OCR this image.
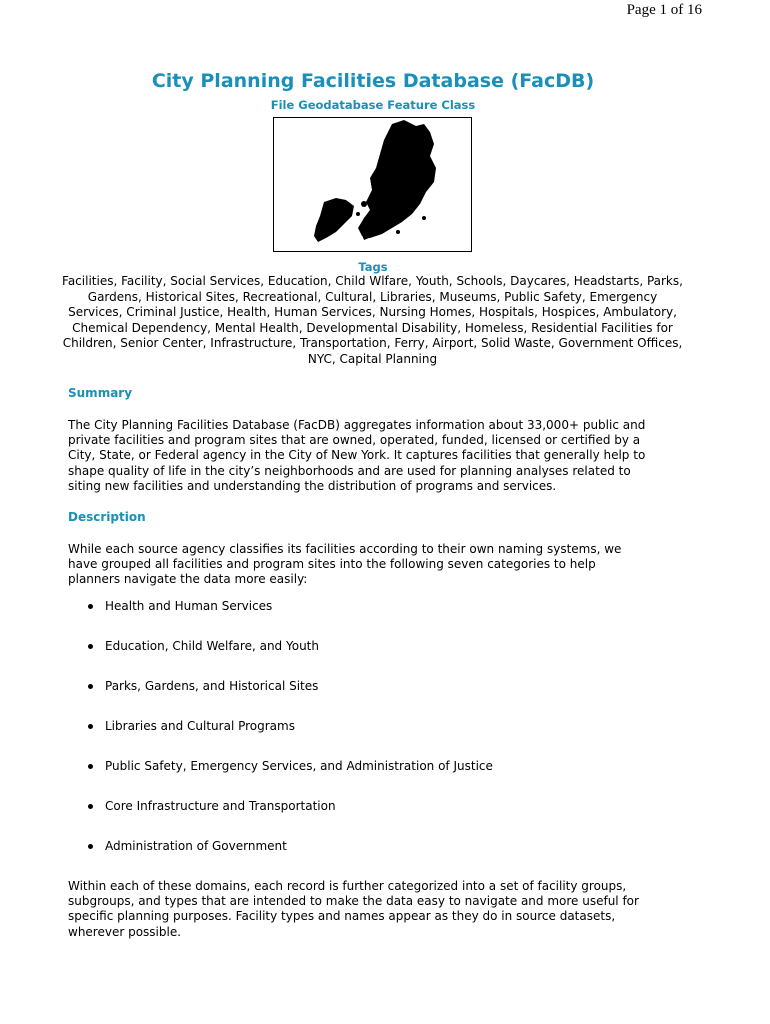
Page 1 of 16
City Planning Facilities Database (FacDB)
File Geodatabase Feature Class
Tags
Facilities, Facility, Social Services, Education, Child Wlfare, Youth, Schools, Daycares, Headstarts, Parks, Gardens, Historical Sites, Recreational, Cultural, Libraries, Museums, Public Safety, Emergency Services, Criminal Justice, Health, Human Services, Nursing Homes, Hospitals, Hospices, Ambulatory, Chemical Dependency, Mental Health, Developmental Disability, Homeless, Residential Facilities for Children, Senior Center, Infrastructure, Transportation, Ferry, Airport, Solid Waste, Government Offices, NYC, Capital Planning
Summary
The City Planning Facilities Database (FacDB) aggregates information about 33,000+ public and private facilities and program sites that are owned, operated, funded, licensed or certified by a City, State, or Federal agency in the City of New York. It captures facilities that generally help to shape quality of life in the city’s neighborhoods and are used for planning analyses related to siting new facilities and understanding the distribution of programs and services.
Description
While each source agency classifies its facilities according to their own naming systems, we have grouped all facilities and program sites into the following seven categories to help planners navigate the data more easily:
Health and Human Services
Education, Child Welfare, and Youth
Parks, Gardens, and Historical Sites
Libraries and Cultural Programs
Public Safety, Emergency Services, and Administration of Justice
Core Infrastructure and Transportation
Administration of Government
Within each of these domains, each record is further categorized into a set of facility groups, subgroups, and types that are intended to make the data easy to navigate and more useful for specific planning purposes. Facility types and names appear as they do in source datasets, wherever possible.
